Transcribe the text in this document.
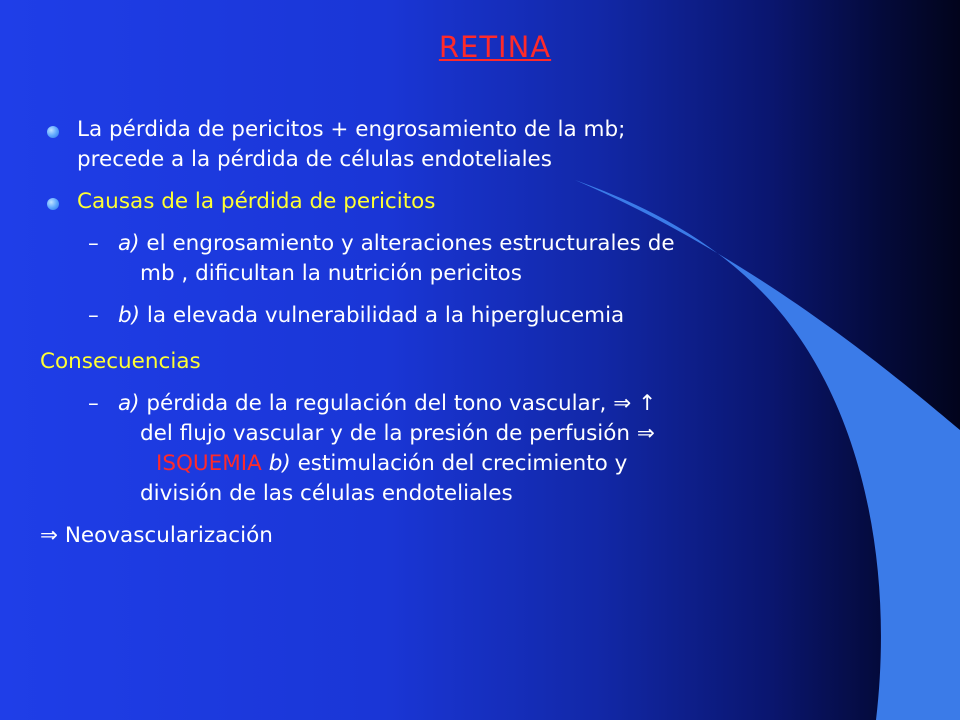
RETINA
La pérdida de pericitos + engrosamiento de la mb;
precede a la pérdida de células endoteliales
Causas de la pérdida de pericitos
– a) el engrosamiento y alteraciones estructurales de
mb , dificultan la nutrición pericitos
– b) la elevada vulnerabilidad a la hiperglucemia
Consecuencias
– a) pérdida de la regulación del tono vascular, ⇒ ↑
del flujo vascular y de la presión de perfusión ⇒
ISQUEMIA b) estimulación del crecimiento y
división de las células endoteliales
⇒ Neovascularización
